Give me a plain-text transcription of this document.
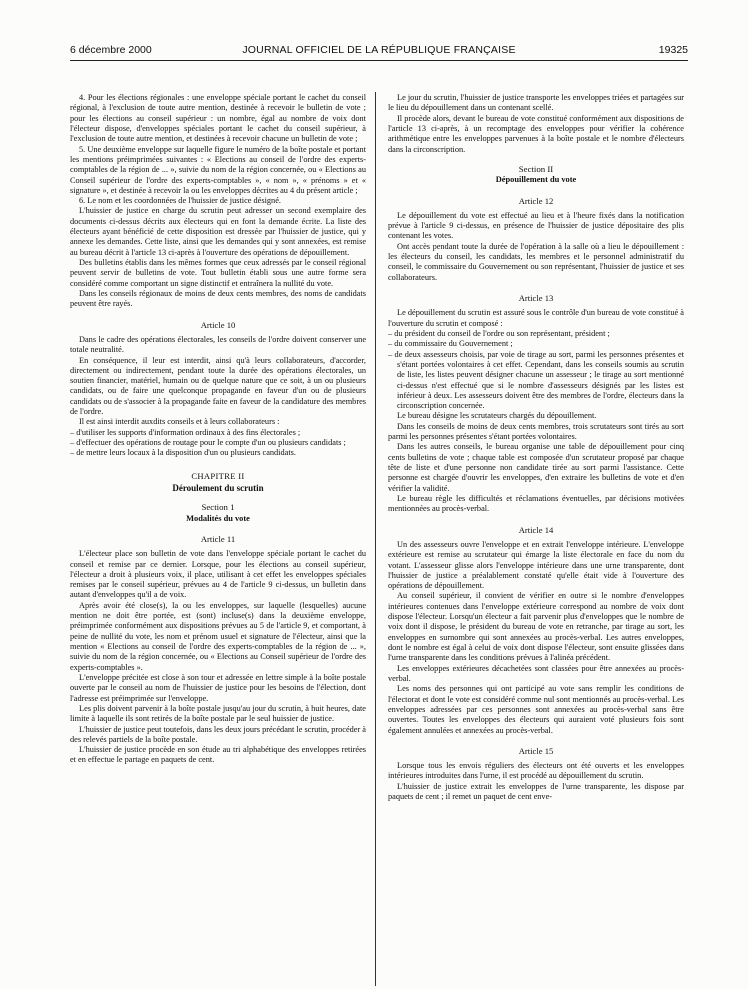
6 décembre 2000	JOURNAL OFFICIEL DE LA RÉPUBLIQUE FRANÇAISE	19325

4. Pour les élections régionales : une enveloppe spéciale portant le cachet du conseil régional, à l'exclusion de toute autre mention, destinée à recevoir le bulletin de vote ; pour les élections au conseil supérieur : un nombre, égal au nombre de voix dont l'électeur dispose, d'enveloppes spéciales portant le cachet du conseil supérieur, à l'exclusion de toute autre mention, et destinées à recevoir chacune un bulletin de vote ;

5. Une deuxième enveloppe sur laquelle figure le numéro de la boîte postale et portant les mentions préimprimées suivantes : « Elections au conseil de l'ordre des experts-comptables de la région de ... », suivie du nom de la région concernée, ou « Elections au Conseil supérieur de l'ordre des experts-comptables », « nom », « prénoms » et « signature », et destinée à recevoir la ou les enveloppes décrites au 4 du présent article ;

6. Le nom et les coordonnées de l'huissier de justice désigné.

L'huissier de justice en charge du scrutin peut adresser un second exemplaire des documents ci-dessus décrits aux électeurs qui en font la demande écrite. La liste des électeurs ayant bénéficié de cette disposition est dressée par l'huissier de justice, qui y annexe les demandes. Cette liste, ainsi que les demandes qui y sont annexées, est remise au bureau décrit à l'article 13 ci-après à l'ouverture des opérations de dépouillement.

Des bulletins établis dans les mêmes formes que ceux adressés par le conseil régional peuvent servir de bulletins de vote. Tout bulletin établi sous une autre forme sera considéré comme comportant un signe distinctif et entraînera la nullité du vote.

Dans les conseils régionaux de moins de deux cents membres, des noms de candidats peuvent être rayés.

Article 10

Dans le cadre des opérations électorales, les conseils de l'ordre doivent conserver une totale neutralité.

En conséquence, il leur est interdit, ainsi qu'à leurs collaborateurs, d'accorder, directement ou indirectement, pendant toute la durée des opérations électorales, un soutien financier, matériel, humain ou de quelque nature que ce soit, à un ou plusieurs candidats, ou de faire une quelconque propagande en faveur d'un ou de plusieurs candidats ou de s'associer à la propagande faite en faveur de la candidature des membres de l'ordre.

Il est ainsi interdit auxdits conseils et à leurs collaborateurs :

– d'utiliser les supports d'information ordinaux à des fins électorales ;

– d'effectuer des opérations de routage pour le compte d'un ou plusieurs candidats ;

– de mettre leurs locaux à la disposition d'un ou plusieurs candidats.

CHAPITRE II
Déroulement du scrutin
Section 1
Modalités du vote
Article 11

L'électeur place son bulletin de vote dans l'enveloppe spéciale portant le cachet du conseil et remise par ce dernier. Lorsque, pour les élections au conseil supérieur, l'électeur a droit à plusieurs voix, il place, utilisant à cet effet les enveloppes spéciales remises par le conseil supérieur, prévues au 4 de l'article 9 ci-dessus, un bulletin dans autant d'enveloppes qu'il a de voix.

Après avoir été close(s), la ou les enveloppes, sur laquelle (lesquelles) aucune mention ne doit être portée, est (sont) incluse(s) dans la deuxième enveloppe, préimprimée conformément aux dispositions prévues au 5 de l'article 9, et comportant, à peine de nullité du vote, les nom et prénom usuel et signature de l'électeur, ainsi que la mention « Elections au conseil de l'ordre des experts-comptables de la région de ... », suivie du nom de la région concernée, ou « Elections au Conseil supérieur de l'ordre des experts-comptables ».

L'enveloppe précitée est close à son tour et adressée en lettre simple à la boîte postale ouverte par le conseil au nom de l'huissier de justice pour les besoins de l'élection, dont l'adresse est préimprimée sur l'enveloppe.

Les plis doivent parvenir à la boîte postale jusqu'au jour du scrutin, à huit heures, date limite à laquelle ils sont retirés de la boîte postale par le seul huissier de justice.

L'huissier de justice peut toutefois, dans les deux jours précédant le scrutin, procéder à des relevés partiels de la boîte postale.

L'huissier de justice procède en son étude au tri alphabétique des enveloppes retirées et en effectue le partage en paquets de cent.

Le jour du scrutin, l'huissier de justice transporte les enveloppes triées et partagées sur le lieu du dépouillement dans un contenant scellé.

Il procède alors, devant le bureau de vote constitué conformément aux dispositions de l'article 13 ci-après, à un recomptage des enveloppes pour vérifier la cohérence arithmétique entre les enveloppes parvenues à la boîte postale et le nombre d'électeurs dans la circonscription.

Section II
Dépouillement du vote
Article 12

Le dépouillement du vote est effectué au lieu et à l'heure fixés dans la notification prévue à l'article 9 ci-dessus, en présence de l'huissier de justice dépositaire des plis contenant les votes.

Ont accès pendant toute la durée de l'opération à la salle où a lieu le dépouillement : les électeurs du conseil, les candidats, les membres et le personnel administratif du conseil, le commissaire du Gouvernement ou son représentant, l'huissier de justice et ses collaborateurs.

Article 13

Le dépouillement du scrutin est assuré sous le contrôle d'un bureau de vote constitué à l'ouverture du scrutin et composé :

– du président du conseil de l'ordre ou son représentant, président ;

– du commissaire du Gouvernement ;

– de deux assesseurs choisis, par voie de tirage au sort, parmi les personnes présentes et s'étant portées volontaires à cet effet. Cependant, dans les conseils soumis au scrutin de liste, les listes peuvent désigner chacune un assesseur ; le tirage au sort mentionné ci-dessus n'est effectué que si le nombre d'assesseurs désignés par les listes est inférieur à deux. Les assesseurs doivent être des membres de l'ordre, électeurs dans la circonscription concernée.

Le bureau désigne les scrutateurs chargés du dépouillement.

Dans les conseils de moins de deux cents membres, trois scrutateurs sont tirés au sort parmi les personnes présentes s'étant portées volontaires.

Dans les autres conseils, le bureau organise une table de dépouillement pour cinq cents bulletins de vote ; chaque table est composée d'un scrutateur proposé par chaque tête de liste et d'une personne non candidate tirée au sort parmi l'assistance. Cette personne est chargée d'ouvrir les enveloppes, d'en extraire les bulletins de vote et d'en vérifier la validité.

Le bureau règle les difficultés et réclamations éventuelles, par décisions motivées mentionnées au procès-verbal.

Article 14

Un des assesseurs ouvre l'enveloppe et en extrait l'enveloppe intérieure. L'enveloppe extérieure est remise au scrutateur qui émarge la liste électorale en face du nom du votant. L'assesseur glisse alors l'enveloppe intérieure dans une urne transparente, dont l'huissier de justice a préalablement constaté qu'elle était vide à l'ouverture des opérations de dépouillement.

Au conseil supérieur, il convient de vérifier en outre si le nombre d'enveloppes intérieures contenues dans l'enveloppe extérieure correspond au nombre de voix dont dispose l'électeur. Lorsqu'un électeur a fait parvenir plus d'enveloppes que le nombre de voix dont il dispose, le président du bureau de vote en retranche, par tirage au sort, les enveloppes en surnombre qui sont annexées au procès-verbal. Les autres enveloppes, dont le nombre est égal à celui de voix dont dispose l'électeur, sont ensuite glissées dans l'urne transparente dans les conditions prévues à l'alinéa précédent.

Les enveloppes extérieures décachetées sont classées pour être annexées au procès-verbal.

Les noms des personnes qui ont participé au vote sans remplir les conditions de l'électorat et dont le vote est considéré comme nul sont mentionnés au procès-verbal. Les enveloppes adressées par ces personnes sont annexées au procès-verbal sans être ouvertes. Toutes les enveloppes des électeurs qui auraient voté plusieurs fois sont également annulées et annexées au procès-verbal.

Article 15

Lorsque tous les envois réguliers des électeurs ont été ouverts et les enveloppes intérieures introduites dans l'urne, il est procédé au dépouillement du scrutin.

L'huissier de justice extrait les enveloppes de l'urne transparente, les dispose par paquets de cent ; il remet un paquet de cent enve-
